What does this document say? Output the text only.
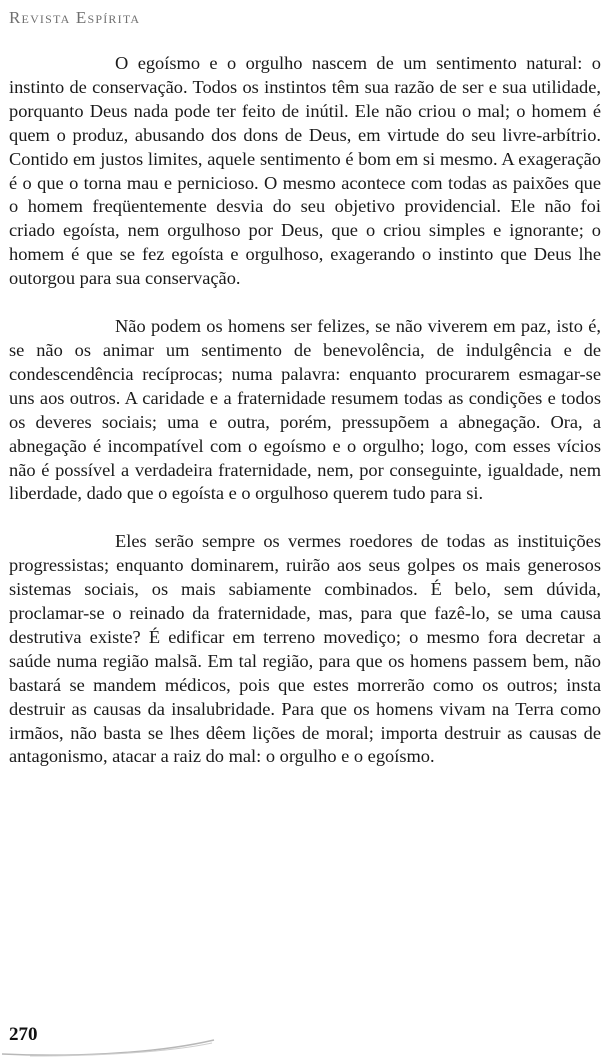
Revista Espírita

O egoísmo e o orgulho nascem de um sentimento natural: o instinto de conservação. Todos os instintos têm sua razão de ser e sua utilidade, porquanto Deus nada pode ter feito de inútil. Ele não criou o mal; o homem é quem o produz, abusando dos dons de Deus, em virtude do seu livre-arbítrio. Contido em justos limites, aquele sentimento é bom em si mesmo. A exageração é o que o torna mau e pernicioso. O mesmo acontece com todas as paixões que o homem freqüentemente desvia do seu objetivo providencial. Ele não foi criado egoísta, nem orgulhoso por Deus, que o criou simples e ignorante; o homem é que se fez egoísta e orgulhoso, exagerando o instinto que Deus lhe outorgou para sua conservação.

Não podem os homens ser felizes, se não viverem em paz, isto é, se não os animar um sentimento de benevolência, de indulgência e de condescendência recíprocas; numa palavra: enquanto procurarem esmagar-se uns aos outros. A caridade e a fraternidade resumem todas as condições e todos os deveres sociais; uma e outra, porém, pressupõem a abnegação. Ora, a abnegação é incompatível com o egoísmo e o orgulho; logo, com esses vícios não é possível a verdadeira fraternidade, nem, por conseguinte, igualdade, nem liberdade, dado que o egoísta e o orgulhoso querem tudo para si.

Eles serão sempre os vermes roedores de todas as instituições progressistas; enquanto dominarem, ruirão aos seus golpes os mais generosos sistemas sociais, os mais sabiamente combinados. É belo, sem dúvida, proclamar-se o reinado da fraternidade, mas, para que fazê-lo, se uma causa destrutiva existe? É edificar em terreno movediço; o mesmo fora decretar a saúde numa região malsã. Em tal região, para que os homens passem bem, não bastará se mandem médicos, pois que estes morrerão como os outros; insta destruir as causas da insalubridade. Para que os homens vivam na Terra como irmãos, não basta se lhes dêem lições de moral; importa destruir as causas de antagonismo, atacar a raiz do mal: o orgulho e o egoísmo.

270
